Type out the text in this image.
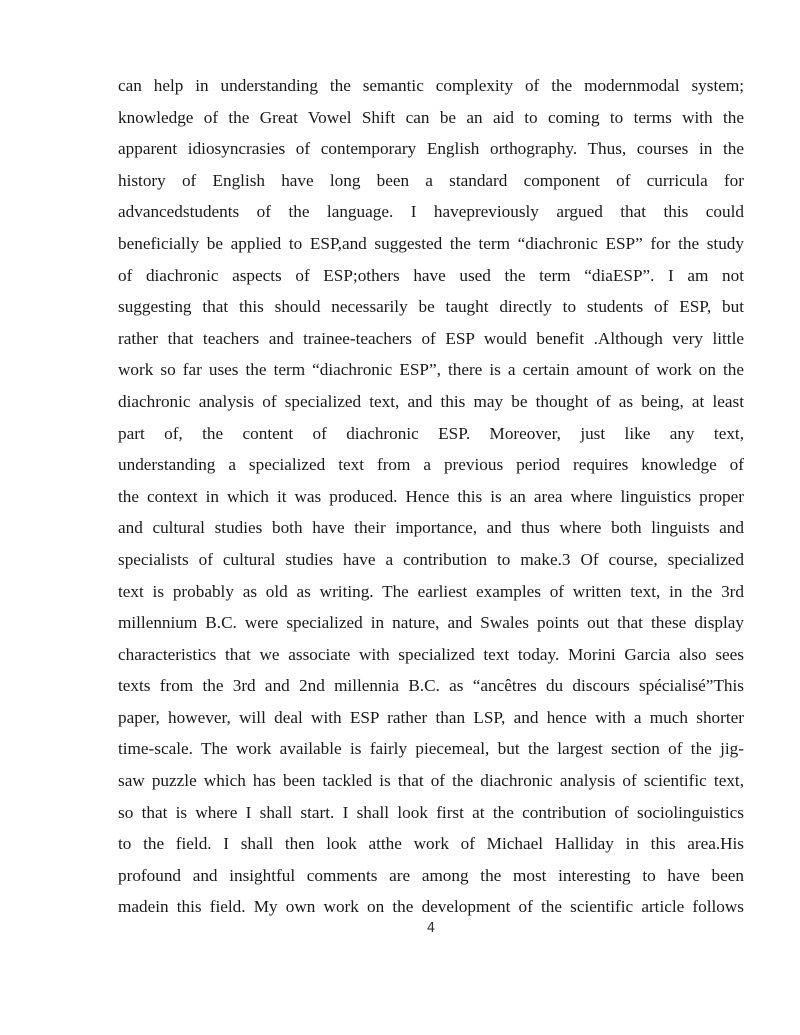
can help in understanding the semantic complexity of the modernmodal system;
knowledge of the Great Vowel Shift can be an aid to coming to terms with the
apparent idiosyncrasies of contemporary English orthography. Thus, courses in the
history of English have long been a standard component of curricula for
advancedstudents of the language. I havepreviously argued that this could
beneficially be applied to ESP,and suggested the term “diachronic ESP” for the study
of diachronic aspects of ESP;others have used the term “diaESP”. I am not
suggesting that this should necessarily be taught directly to students of ESP, but
rather that teachers and trainee-teachers of ESP would benefit .Although very little
work so far uses the term “diachronic ESP”, there is a certain amount of work on the
diachronic analysis of specialized text, and this may be thought of as being, at least
part of, the content of diachronic ESP. Moreover, just like any text,
understanding a specialized text from a previous period requires knowledge of
the context in which it was produced. Hence this is an area where linguistics proper
and cultural studies both have their importance, and thus where both linguists and
specialists of cultural studies have a contribution to make.3 Of course, specialized
text is probably as old as writing. The earliest examples of written text, in the 3rd
millennium B.C. were specialized in nature, and Swales points out that these display
characteristics that we associate with specialized text today. Morini Garcia also sees
texts from the 3rd and 2nd millennia B.C. as “ancêtres du discours spécialisé”This
paper, however, will deal with ESP rather than LSP, and hence with a much shorter
time-scale. The work available is fairly piecemeal, but the largest section of the jig-
saw puzzle which has been tackled is that of the diachronic analysis of scientific text,
so that is where I shall start. I shall look first at the contribution of sociolinguistics
to the field. I shall then look atthe work of Michael Halliday in this area.His
profound and insightful comments are among the most interesting to have been
madein this field. My own work on the development of the scientific article follows
4
